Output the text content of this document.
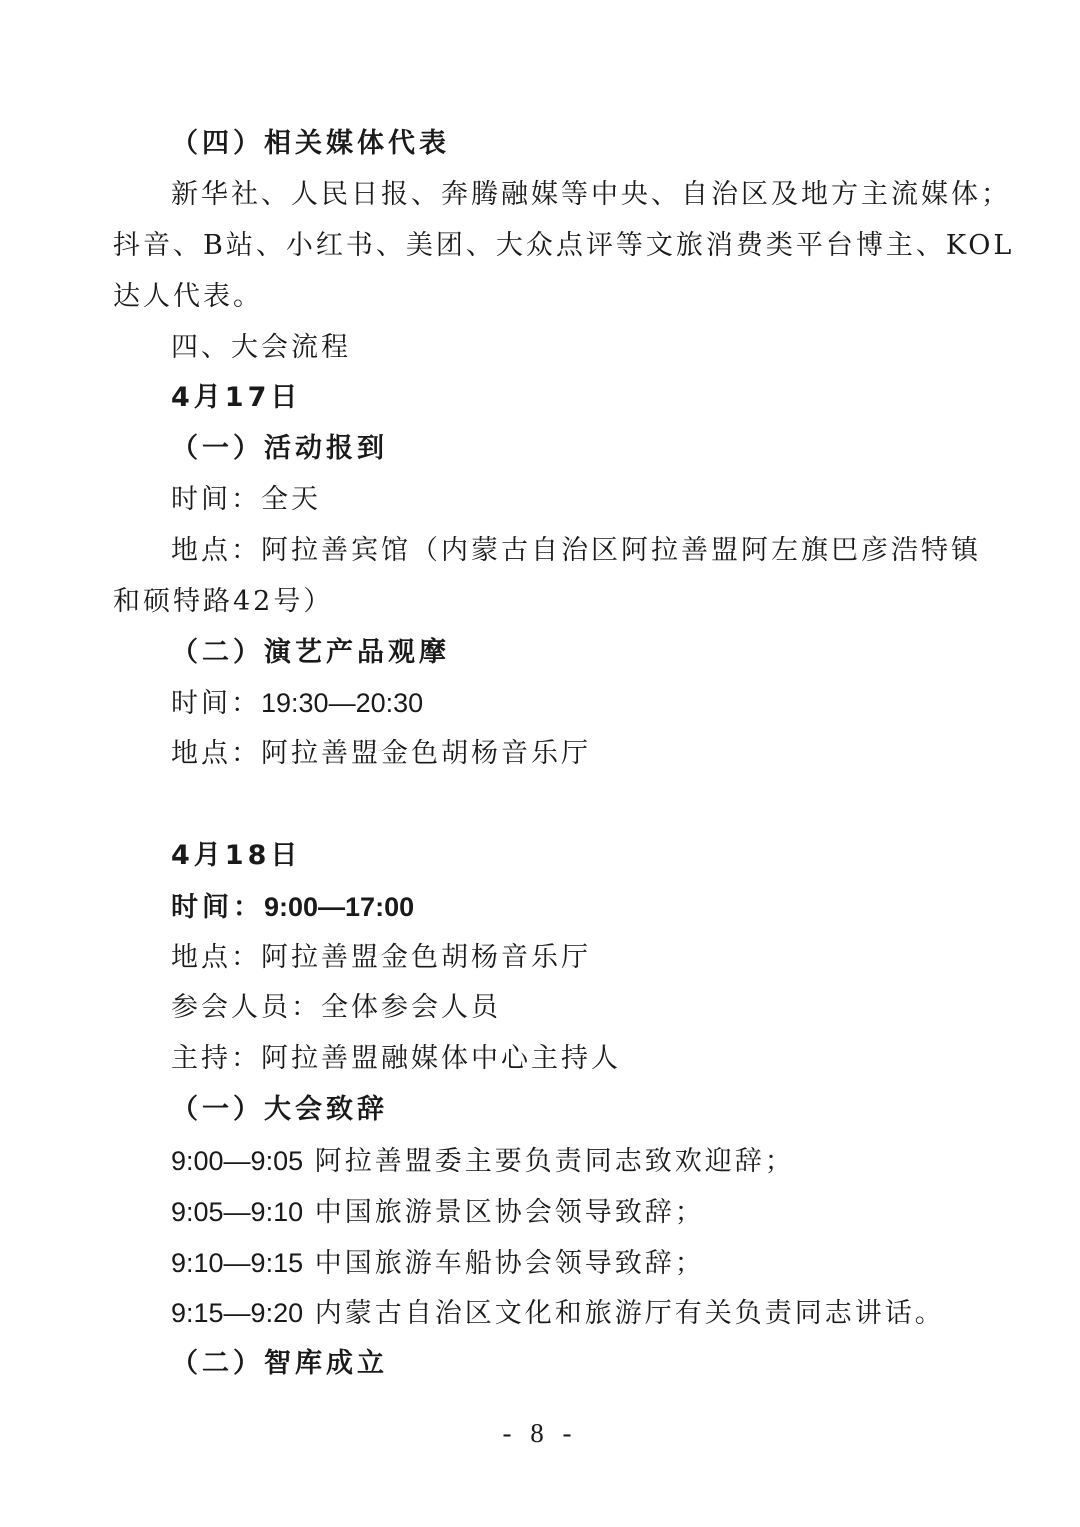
（四）相关媒体代表
新华社、人民日报、奔腾融媒等中央、自治区及地方主流媒体；
抖音、B站、小红书、美团、大众点评等文旅消费类平台博主、KOL
达人代表。
四、大会流程
4月17日
（一）活动报到
时间：全天
地点：阿拉善宾馆（内蒙古自治区阿拉善盟阿左旗巴彦浩特镇
和硕特路42号）
（二）演艺产品观摩
时间：19:30—20:30
地点：阿拉善盟金色胡杨音乐厅
4月18日
时间：9:00—17:00
地点：阿拉善盟金色胡杨音乐厅
参会人员：全体参会人员
主持：阿拉善盟融媒体中心主持人
（一）大会致辞
9:00—9:05 阿拉善盟委主要负责同志致欢迎辞；
9:05—9:10 中国旅游景区协会领导致辞；
9:10—9:15 中国旅游车船协会领导致辞；
9:15—9:20 内蒙古自治区文化和旅游厅有关负责同志讲话。
（二）智库成立
- 8 -
